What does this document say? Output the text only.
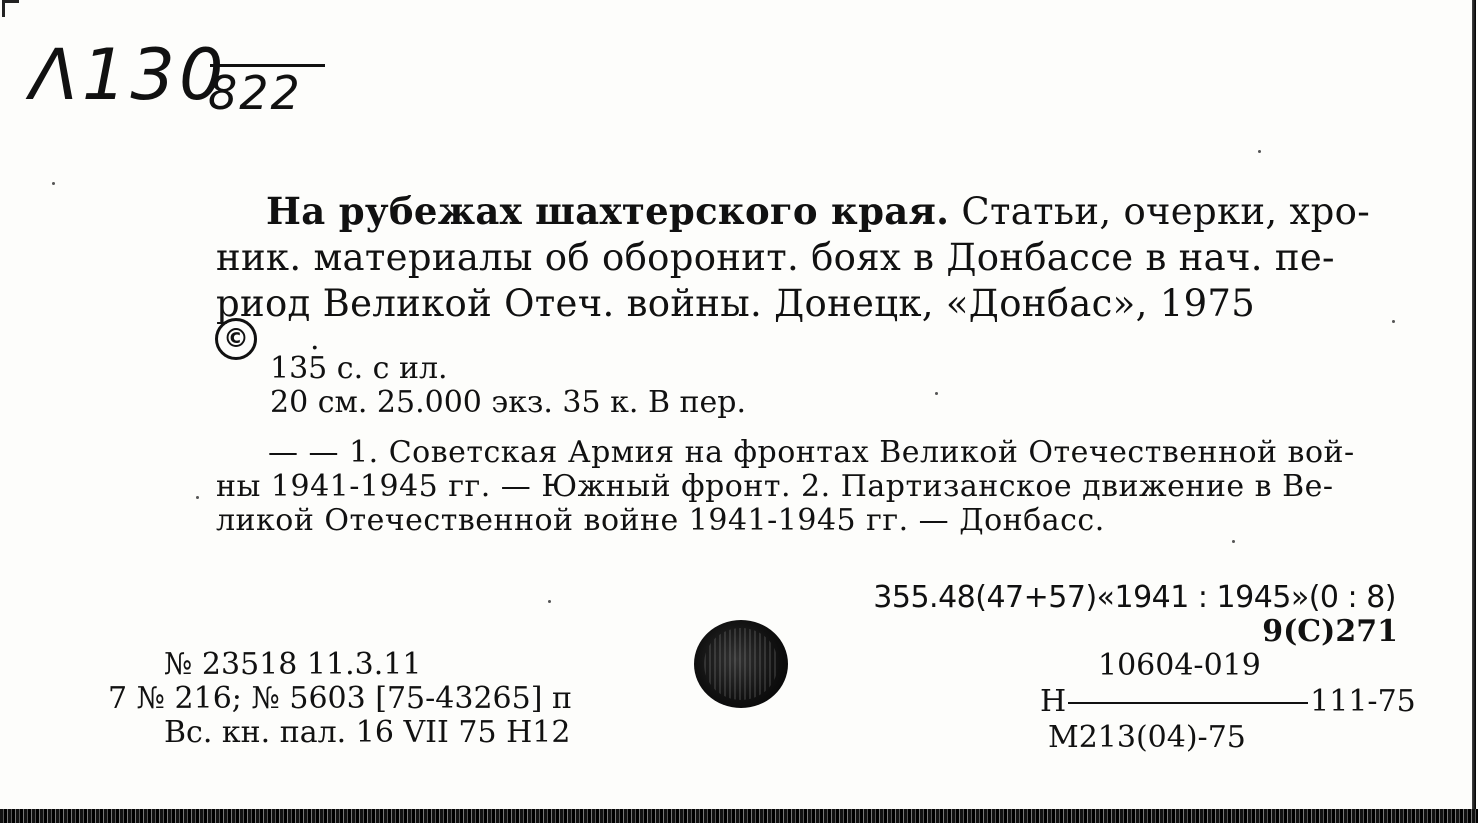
Λ130
822
На рубежах шахтерского края. Статьи, очерки, хро-
ник. материалы об оборонит. боях в Донбассе в нач. пе-
риод Великой Отеч. войны. Донецк, «Донбас», 1975
© .
135 с. с ил.
20 см. 25.000 экз. 35 к. В пер.
— — 1. Советская Армия на фронтах Великой Отечественной вой-
ны 1941-1945 гг. — Южный фронт. 2. Партизанское движение в Ве-
ликой Отечественной войне 1941-1945 гг. — Донбасс.
355.48(47+57)«1941 : 1945»(0 : 8)
9(С)271
№ 23518 11.3.11
7 № 216; № 5603 [75-43265] п
Вс. кн. пал. 16 VII 75 Н12
10604-019
Н	111-75
М213(04)-75
